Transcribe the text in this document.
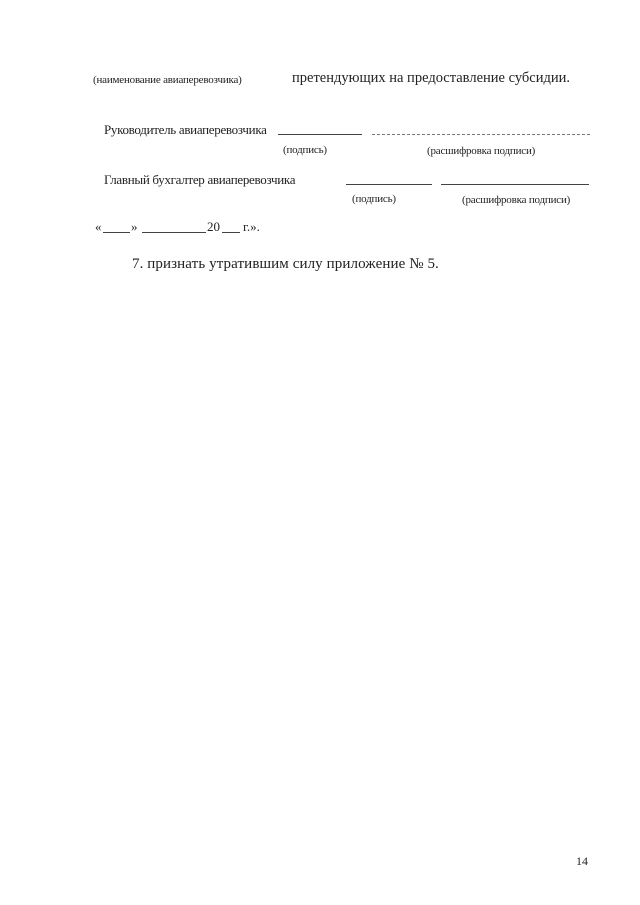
(наименование авиаперевозчика)	претендующих на предоставление субсидии.
Руководитель авиаперевозчика
(подпись)	(расшифровка подписи)
Главный бухгалтер авиаперевозчика
(подпись)	(расшифровка подписи)
« »	20 г.».
7. признать утратившим силу приложение № 5.
14
